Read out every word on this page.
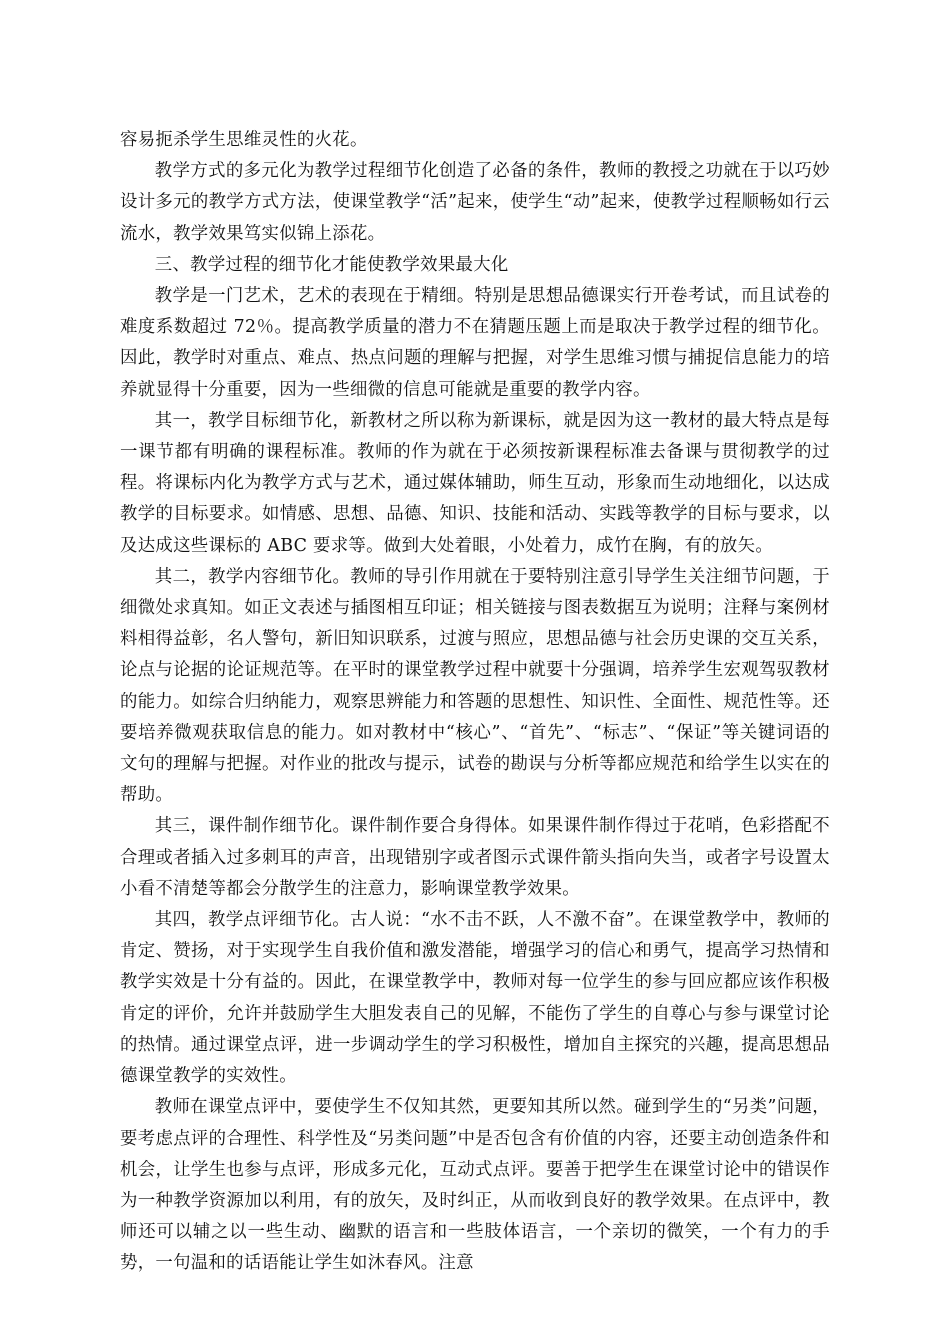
容易扼杀学生思维灵性的火花。

教学方式的多元化为教学过程细节化创造了必备的条件，教师的教授之功就在于以巧妙设计多元的教学方式方法，使课堂教学“活”起来，使学生“动”起来，使教学过程顺畅如行云流水，教学效果笃实似锦上添花。

三、教学过程的细节化才能使教学效果最大化

教学是一门艺术，艺术的表现在于精细。特别是思想品德课实行开卷考试，而且试卷的难度系数超过 72％。提高教学质量的潜力不在猜题压题上而是取决于教学过程的细节化。因此，教学时对重点、难点、热点问题的理解与把握，对学生思维习惯与捕捉信息能力的培养就显得十分重要，因为一些细微的信息可能就是重要的教学内容。

其一，教学目标细节化，新教材之所以称为新课标，就是因为这一教材的最大特点是每一课节都有明确的课程标准。教师的作为就在于必须按新课程标准去备课与贯彻教学的过程。将课标内化为教学方式与艺术，通过媒体辅助，师生互动，形象而生动地细化，以达成教学的目标要求。如情感、思想、品德、知识、技能和活动、实践等教学的目标与要求，以及达成这些课标的 ABC 要求等。做到大处着眼，小处着力，成竹在胸，有的放矢。

其二，教学内容细节化。教师的导引作用就在于要特别注意引导学生关注细节问题，于细微处求真知。如正文表述与插图相互印证；相关链接与图表数据互为说明；注释与案例材料相得益彰，名人警句，新旧知识联系，过渡与照应，思想品德与社会历史课的交互关系，论点与论据的论证规范等。在平时的课堂教学过程中就要十分强调，培养学生宏观驾驭教材的能力。如综合归纳能力，观察思辨能力和答题的思想性、知识性、全面性、规范性等。还要培养微观获取信息的能力。如对教材中“核心”、“首先”、“标志”、“保证”等关键词语的文句的理解与把握。对作业的批改与提示，试卷的勘误与分析等都应规范和给学生以实在的帮助。

其三，课件制作细节化。课件制作要合身得体。如果课件制作得过于花哨，色彩搭配不合理或者插入过多刺耳的声音，出现错别字或者图示式课件箭头指向失当，或者字号设置太小看不清楚等都会分散学生的注意力，影响课堂教学效果。

其四，教学点评细节化。古人说：“水不击不跃，人不激不奋”。在课堂教学中，教师的肯定、赞扬，对于实现学生自我价值和激发潜能，增强学习的信心和勇气，提高学习热情和教学实效是十分有益的。因此，在课堂教学中，教师对每一位学生的参与回应都应该作积极肯定的评价，允许并鼓励学生大胆发表自己的见解，不能伤了学生的自尊心与参与课堂讨论的热情。通过课堂点评，进一步调动学生的学习积极性，增加自主探究的兴趣，提高思想品德课堂教学的实效性。

教师在课堂点评中，要使学生不仅知其然，更要知其所以然。碰到学生的“另类”问题，要考虑点评的合理性、科学性及“另类问题”中是否包含有价值的内容，还要主动创造条件和机会，让学生也参与点评，形成多元化，互动式点评。要善于把学生在课堂讨论中的错误作为一种教学资源加以利用，有的放矢，及时纠正，从而收到良好的教学效果。在点评中，教师还可以辅之以一些生动、幽默的语言和一些肢体语言，一个亲切的微笑，一个有力的手势，一句温和的话语能让学生如沐春风。注意
